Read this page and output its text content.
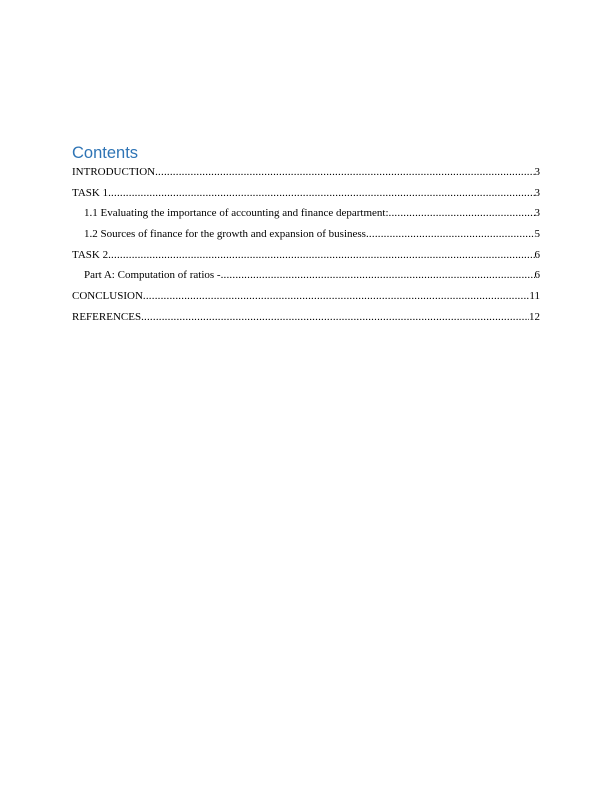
Contents
INTRODUCTION .....	3
TASK 1 .....	3
1.1 Evaluating the importance of accounting and finance department: .....	3
1.2 Sources of finance for the growth and expansion of business .....	5
TASK 2 .....	6
Part A: Computation of ratios - .....	6
CONCLUSION .....	11
REFERENCES .....	12
